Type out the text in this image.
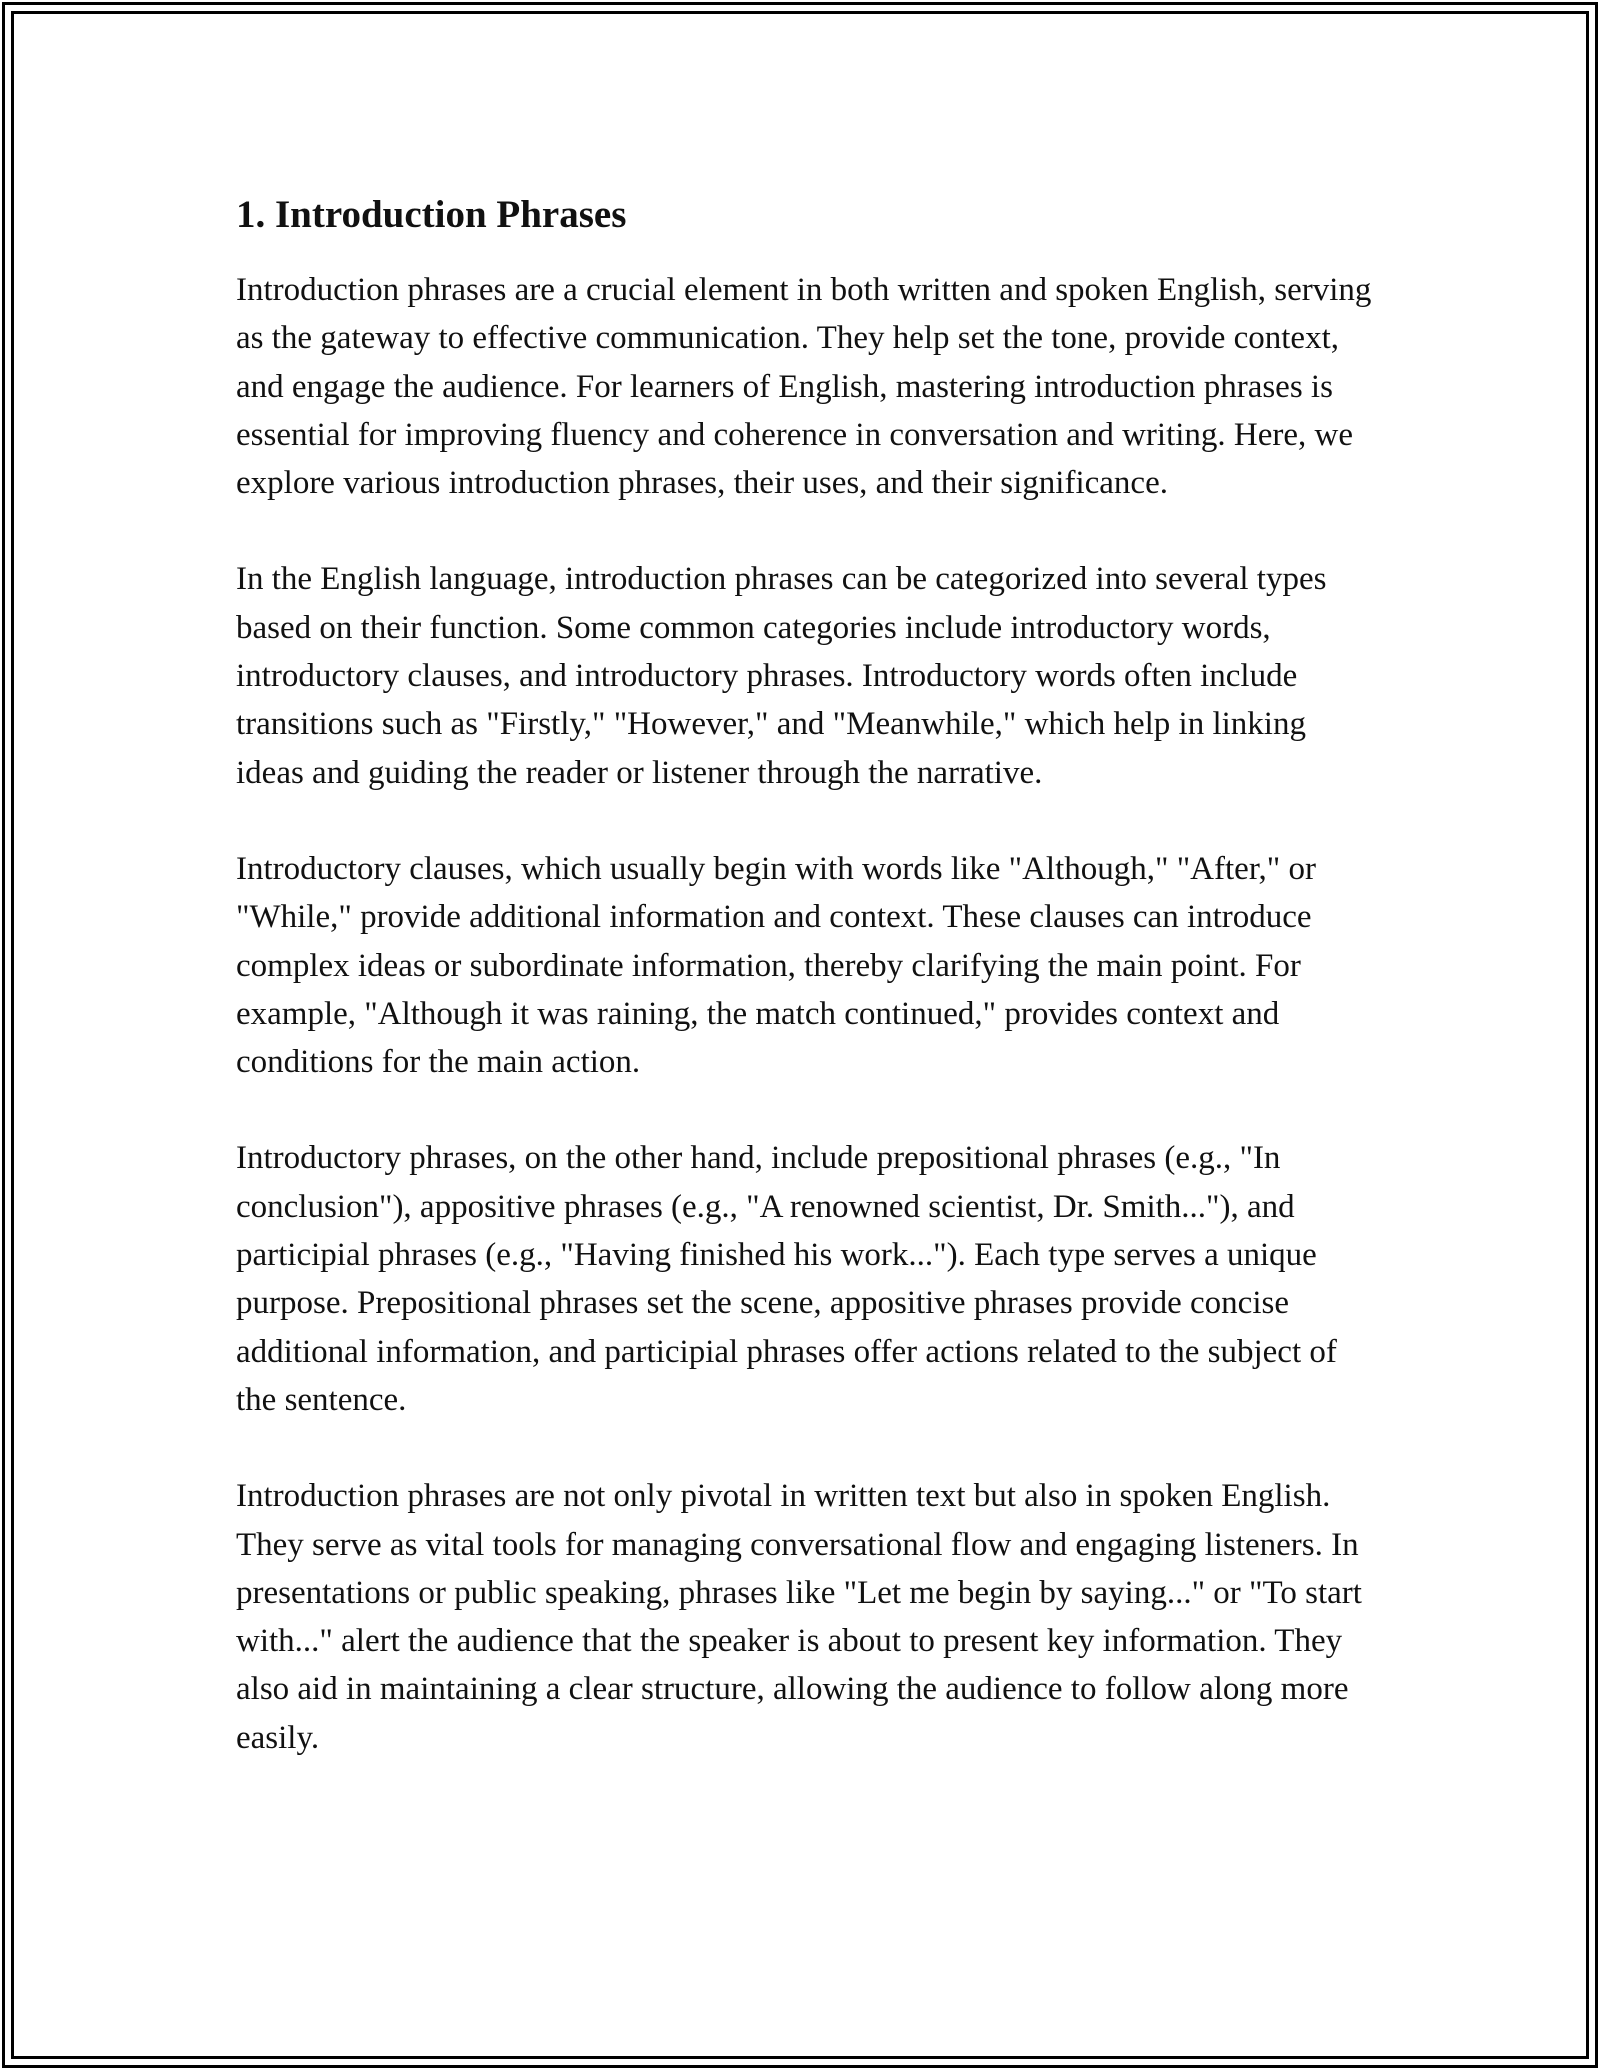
1. Introduction Phrases

Introduction phrases are a crucial element in both written and spoken English, serving as the gateway to effective communication. They help set the tone, provide context, and engage the audience. For learners of English, mastering introduction phrases is essential for improving fluency and coherence in conversation and writing. Here, we explore various introduction phrases, their uses, and their significance.

In the English language, introduction phrases can be categorized into several types based on their function. Some common categories include introductory words, introductory clauses, and introductory phrases. Introductory words often include transitions such as "Firstly," "However," and "Meanwhile," which help in linking ideas and guiding the reader or listener through the narrative.

Introductory clauses, which usually begin with words like "Although," "After," or "While," provide additional information and context. These clauses can introduce complex ideas or subordinate information, thereby clarifying the main point. For example, "Although it was raining, the match continued," provides context and conditions for the main action.

Introductory phrases, on the other hand, include prepositional phrases (e.g., "In conclusion"), appositive phrases (e.g., "A renowned scientist, Dr. Smith..."), and participial phrases (e.g., "Having finished his work..."). Each type serves a unique purpose. Prepositional phrases set the scene, appositive phrases provide concise additional information, and participial phrases offer actions related to the subject of the sentence.

Introduction phrases are not only pivotal in written text but also in spoken English. They serve as vital tools for managing conversational flow and engaging listeners. In presentations or public speaking, phrases like "Let me begin by saying..." or "To start with..." alert the audience that the speaker is about to present key information. They also aid in maintaining a clear structure, allowing the audience to follow along more easily.
